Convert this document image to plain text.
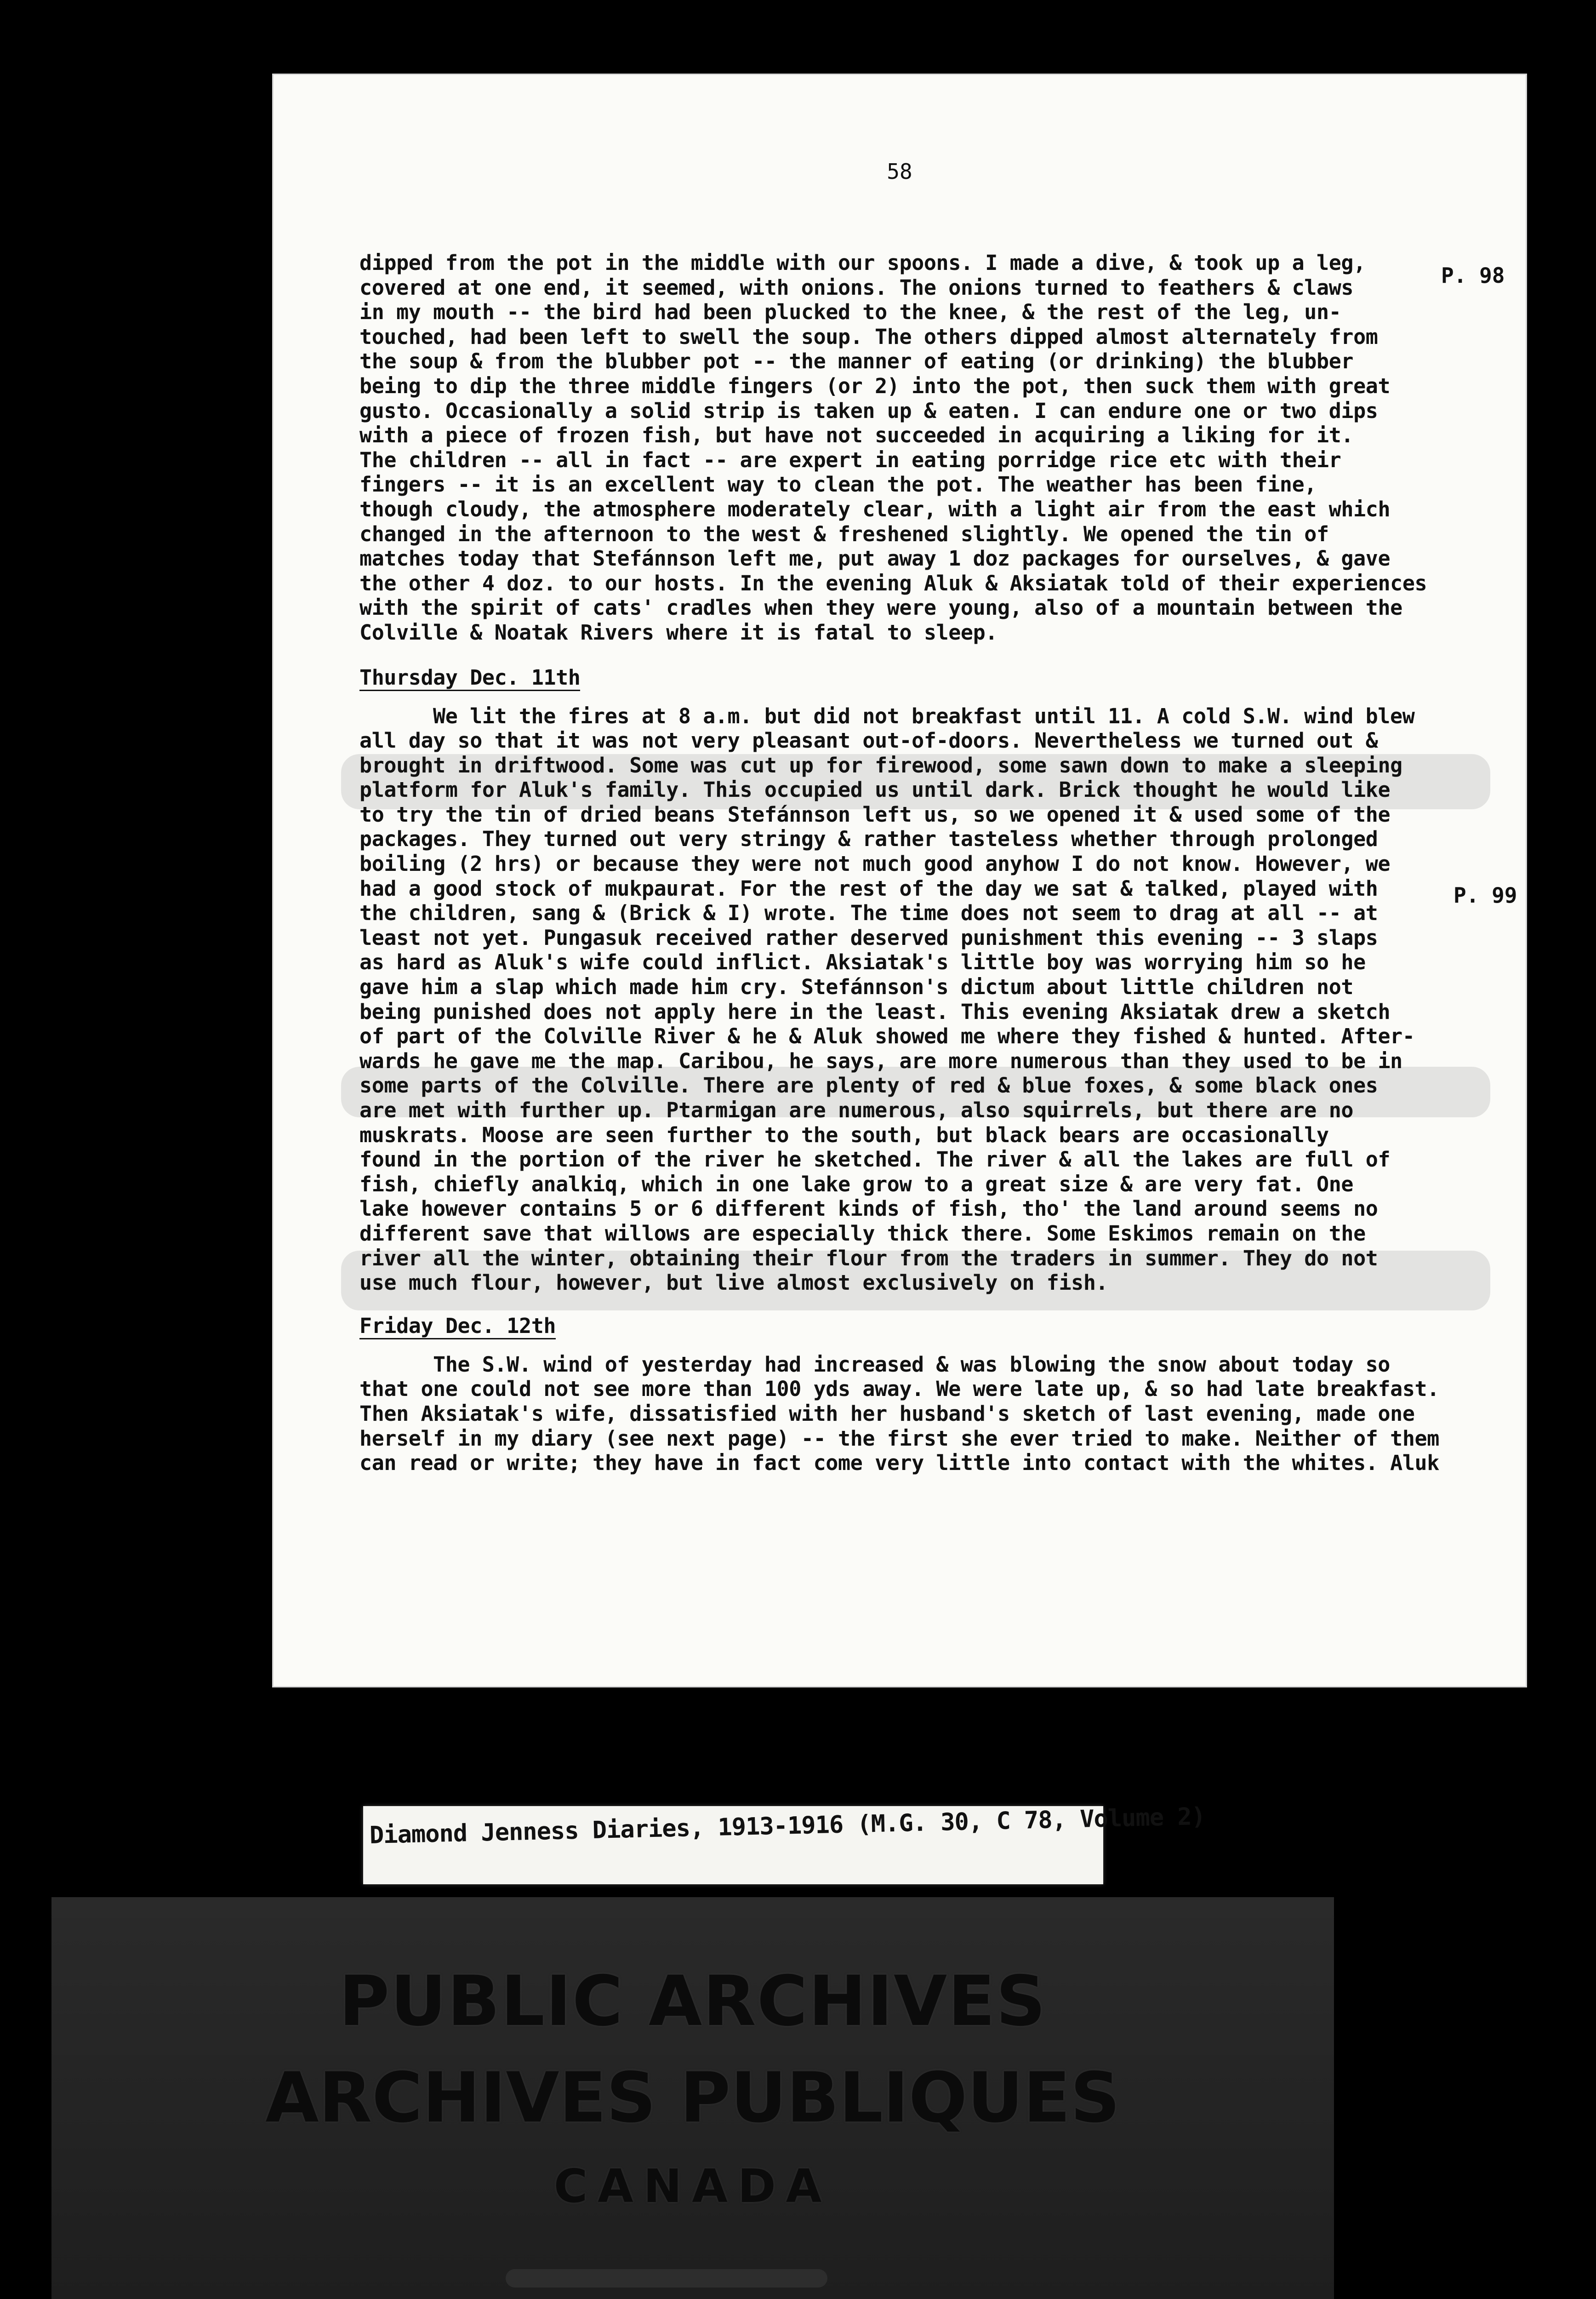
58

dipped from the pot in the middle with our spoons. I made a dive, & took up a leg,
covered at one end, it seemed, with onions. The onions turned to feathers & claws
in my mouth -- the bird had been plucked to the knee, & the rest of the leg, un-
touched, had been left to swell the soup. The others dipped almost alternately from
the soup & from the blubber pot -- the manner of eating (or drinking) the blubber
being to dip the three middle fingers (or 2) into the pot, then suck them with great
gusto. Occasionally a solid strip is taken up & eaten. I can endure one or two dips
with a piece of frozen fish, but have not succeeded in acquiring a liking for it.
The children -- all in fact -- are expert in eating porridge rice etc with their
fingers -- it is an excellent way to clean the pot. The weather has been fine,
though cloudy, the atmosphere moderately clear, with a light air from the east which
changed in the afternoon to the west & freshened slightly. We opened the tin of
matches today that Stefánnson left me, put away 1 doz packages for ourselves, & gave
the other 4 doz. to our hosts. In the evening Aluk & Aksiatak told of their experiences
with the spirit of cats' cradles when they were young, also of a mountain between the
Colville & Noatak Rivers where it is fatal to sleep.

Thursday Dec. 11th

We lit the fires at 8 a.m. but did not breakfast until 11. A cold S.W. wind blew
all day so that it was not very pleasant out-of-doors. Nevertheless we turned out &
brought in driftwood. Some was cut up for firewood, some sawn down to make a sleeping
platform for Aluk's family. This occupied us until dark. Brick thought he would like
to try the tin of dried beans Stefánnson left us, so we opened it & used some of the
packages. They turned out very stringy & rather tasteless whether through prolonged
boiling (2 hrs) or because they were not much good anyhow I do not know. However, we
had a good stock of mukpaurat. For the rest of the day we sat & talked, played with
the children, sang & (Brick & I) wrote. The time does not seem to drag at all -- at
least not yet. Pungasuk received rather deserved punishment this evening -- 3 slaps
as hard as Aluk's wife could inflict. Aksiatak's little boy was worrying him so he
gave him a slap which made him cry. Stefánnson's dictum about little children not
being punished does not apply here in the least. This evening Aksiatak drew a sketch
of part of the Colville River & he & Aluk showed me where they fished & hunted. After-
wards he gave me the map. Caribou, he says, are more numerous than they used to be in
some parts of the Colville. There are plenty of red & blue foxes, & some black ones
are met with further up. Ptarmigan are numerous, also squirrels, but there are no
muskrats. Moose are seen further to the south, but black bears are occasionally
found in the portion of the river he sketched. The river & all the lakes are full of
fish, chiefly analkiq, which in one lake grow to a great size & are very fat. One
lake however contains 5 or 6 different kinds of fish, tho' the land around seems no
different save that willows are especially thick there. Some Eskimos remain on the
river all the winter, obtaining their flour from the traders in summer. They do not
use much flour, however, but live almost exclusively on fish.

Friday Dec. 12th

The S.W. wind of yesterday had increased & was blowing the snow about today so
that one could not see more than 100 yds away. We were late up, & so had late breakfast.
Then Aksiatak's wife, dissatisfied with her husband's sketch of last evening, made one
herself in my diary (see next page) -- the first she ever tried to make. Neither of them
can read or write; they have in fact come very little into contact with the whites. Aluk

P. 98
P. 99
Diamond Jenness Diaries, 1913-1916 (M.G. 30, C 78, Volume 2)
PUBLIC ARCHIVES
ARCHIVES PUBLIQUES
CANADA
